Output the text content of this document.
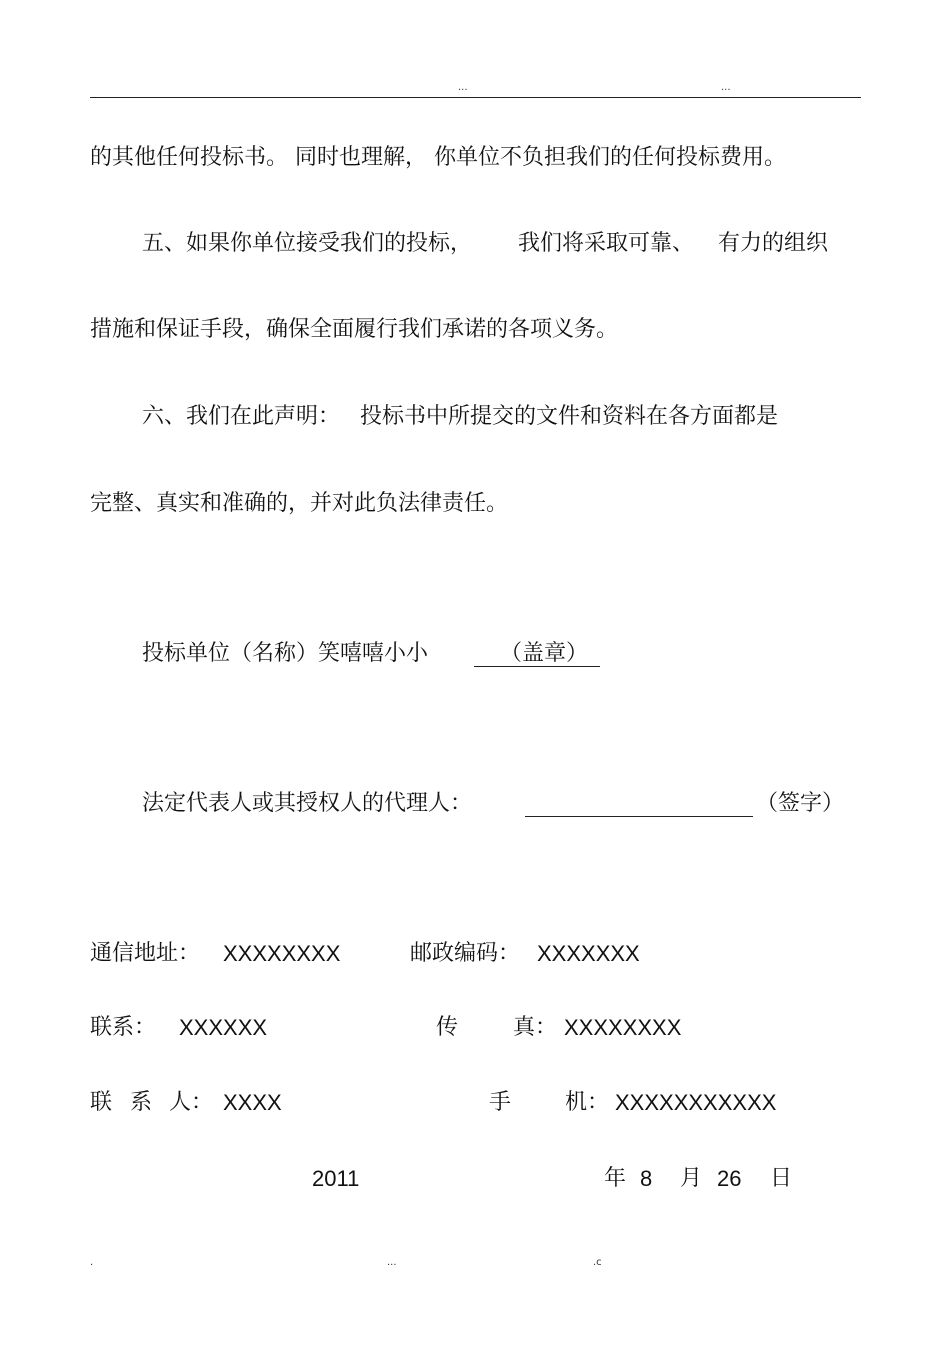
...	...
的其他任何投标书。 同时也理解， 你单位不负担我们的任何投标费用。
五、如果你单位接受我们的投标， 我们将采取可靠、 有力的组织
措施和保证手段，确保全面履行我们承诺的各项义务。
六、我们在此声明： 投标书中所提交的文件和资料在各方面都是
完整、真实和准确的，并对此负法律责任。
投标单位（名称）笑嘻嘻小小	（盖章）
法定代表人或其授权人的代理人：	（签字）
通信地址： XXXXXXXX	邮政编码： XXXXXXX
联系： XXXXXX	传 真： XXXXXXXX
联 系 人： XXXX	手 机： XXXXXXXXXXX
2011	年 8 月 26 日
.	...	.c
